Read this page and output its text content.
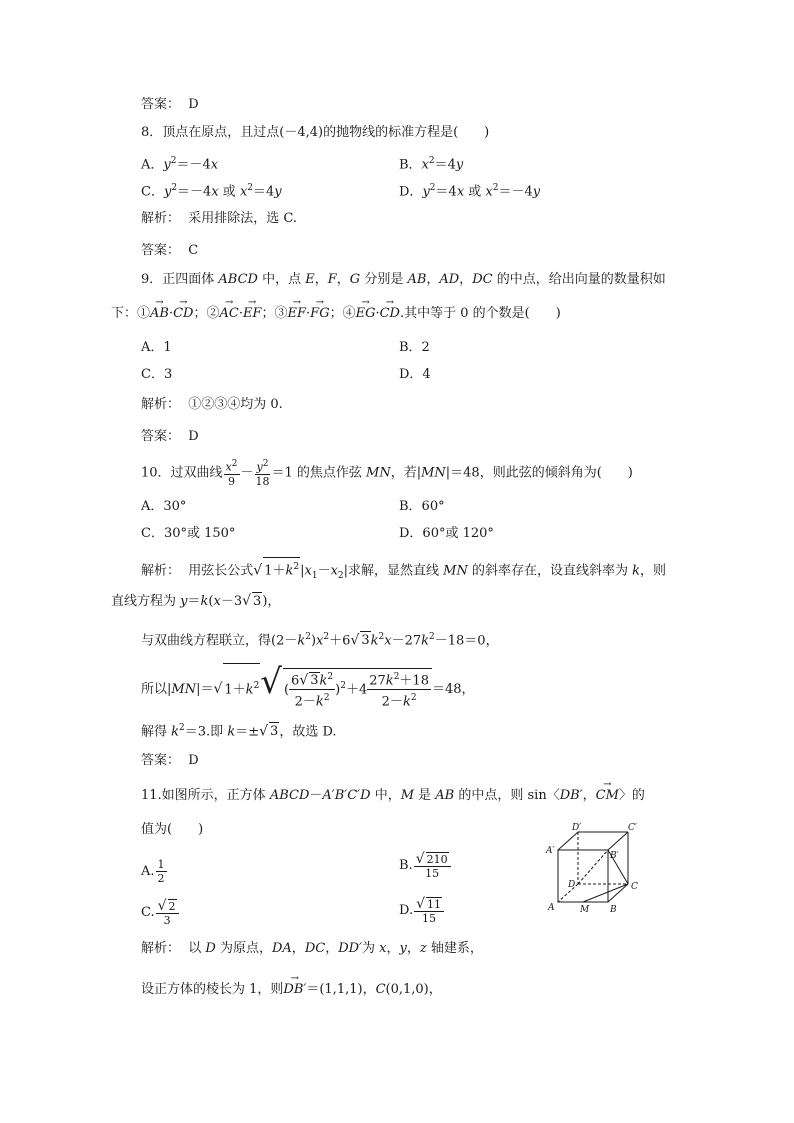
答案：  D
8．顶点在原点，且过点(－4,4)的抛物线的标准方程是(  )
A．$y^2=-4x$	B．$x^2=4y$
C．$y^2=-4x$ 或 $x^2=4y$	D．$y^2=4x$ 或 $x^2=-4y$
解析：  采用排除法，选 C.
答案：  C
9．正四面体 ABCD 中，点 E，F，G 分别是 AB，AD，DC 的中点，给出向量的数量积如
下：①→ AB·→ CD；②→ AC·→ EF；③→ EF·→ FG；④→ EG·→ CD.其中等于 0 的个数是(  )
A．1	B．2
C．3	D．4
解析：  ①②③④均为 0.
答案：  D
10．过双曲线 $\frac{x^2}{9} - \frac{y^2}{18} =1$ 的焦点作弦 MN，若|MN|＝48，则此弦的倾斜角为(  )
A．30°	B．60°
C．30°或 150°	D．60°或 120°
解析：  用弦长公式√ $1+k^2|x_1-x_2|$求解，显然直线 MN 的斜率存在，设直线斜率为 k，则
直线方程为 y＝k(x－3√ 3)，
与双曲线方程联立，得$(2-k^2)x^2+6√$ $3k^2x-27k^2-18=0$，
所以|MN|＝√ $1+k^2√$ ( $\frac{6√ 3k^2}{2-k^2} )^2+4 \frac{27k^2+18}{2-k^2} =48$，
解得 $k^2=3$.即 k＝±√ 3，故选 D.
答案：  D
11.如图所示，正方体 ABCD－A′B′C′D 中，M 是 AB 的中点，则 sin〈DB′，→ CM〉的
值为(  )
A. $\frac{1}{2}$	B. $\frac{√ 210}{15}$
C. $\frac{√ 2}{3}$	D. $\frac{√ 11}{15}$
D′	C′
A′	B′
D	C
A	M B
解析：  以 D 为原点，DA，DC，DD′为 x，y，z 轴建系，
设正方体的棱长为 1，则→ DB′＝(1,1,1)，C(0,1,0)，
